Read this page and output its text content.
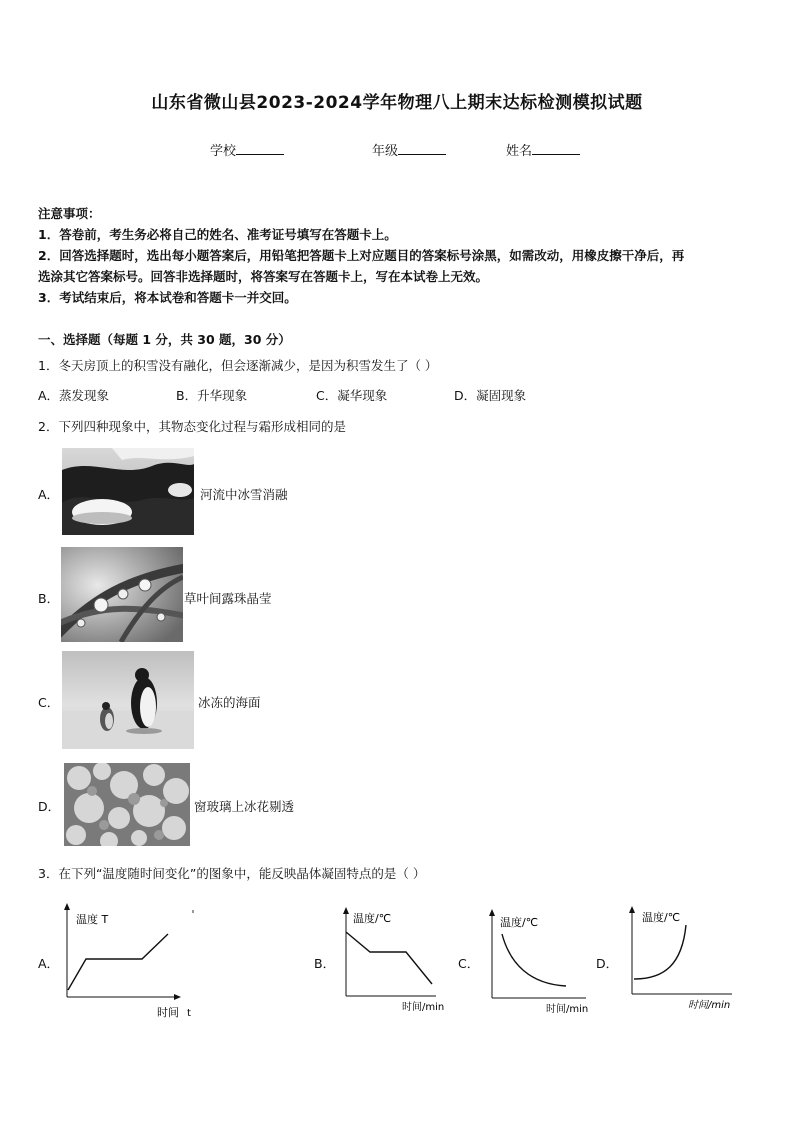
山东省微山县2023-2024学年物理八上期末达标检测模拟试题
学校	年级	姓名
注意事项：
1．答卷前，考生务必将自己的姓名、准考证号填写在答题卡上。
2．回答选择题时，选出每小题答案后，用铅笔把答题卡上对应题目的答案标号涂黑，如需改动，用橡皮擦干净后，再
选涂其它答案标号。回答非选择题时，将答案写在答题卡上，写在本试卷上无效。
3．考试结束后，将本试卷和答题卡一并交回。
一、选择题（每题 1 分，共 30 题，30 分）
1．冬天房顶上的积雪没有融化，但会逐渐减少，是因为积雪发生了（ ）
A．蒸发现象	B．升华现象	C．凝华现象	D．凝固现象
2．下列四种现象中，其物态变化过程与霜形成相同的是
A．	河流中冰雪消融
B．	草叶间露珠晶莹
C．	冰冻的海面
D．	窗玻璃上冰花剔透
3．在下列“温度随时间变化”的图象中，能反映晶体凝固特点的是（ ）
A．	B．	C．	D．
温度 T
时间 t
温度/℃
时间/min
温度/℃
时间/min
温度/℃
时间/min
